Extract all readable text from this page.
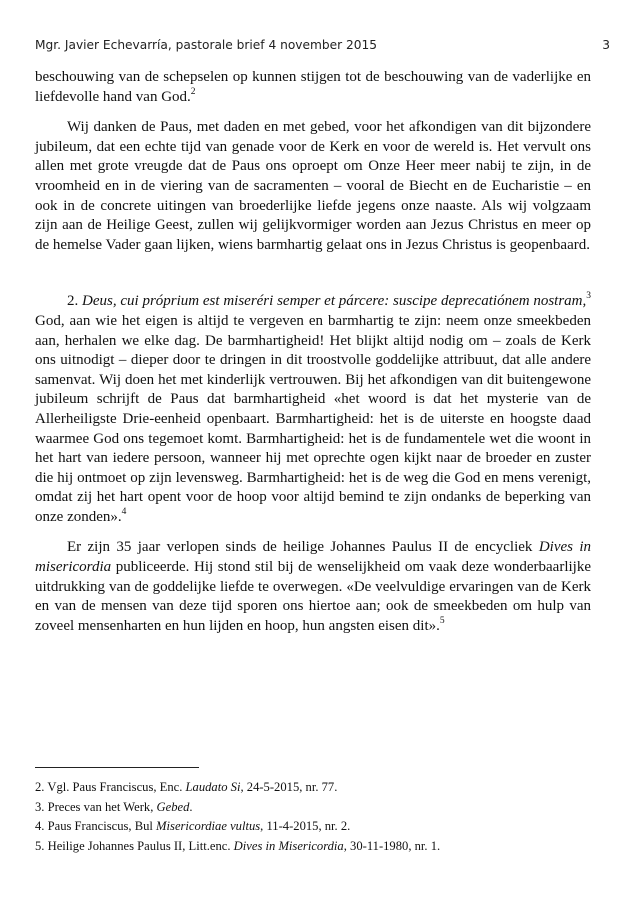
Mgr. Javier Echevarría, pastorale brief 4 november 2015	3

beschouwing van de schepselen op kunnen stijgen tot de beschouwing van de vaderlijke en liefdevolle hand van God.$^2$

Wij danken de Paus, met daden en met gebed, voor het afkondigen van dit bijzondere jubileum, dat een echte tijd van genade voor de Kerk en voor de wereld is. Het vervult ons allen met grote vreugde dat de Paus ons oproept om Onze Heer meer nabij te zijn, in de vroomheid en in de viering van de sacramenten – vooral de Biecht en de Eucharistie – en ook in de concrete uitingen van broederlijke liefde jegens onze naaste. Als wij volgzaam zijn aan de Heilige Geest, zullen wij gelijkvormiger worden aan Jezus Christus en meer op de hemelse Vader gaan lijken, wiens barmhartig gelaat ons in Jezus Christus is geopenbaard.

2. Deus, cui próprium est miseréri semper et párcere: suscipe deprecatiónem nostram,$^3$ God, aan wie het eigen is altijd te vergeven en barmhartig te zijn: neem onze smeekbeden aan, herhalen we elke dag. De barmhartigheid! Het blijkt altijd nodig om – zoals de Kerk ons uitnodigt – dieper door te dringen in dit troostvolle goddelijke attribuut, dat alle andere samenvat. Wij doen het met kinderlijk vertrouwen. Bij het afkondigen van dit buitengewone jubileum schrijft de Paus dat barmhartigheid «het woord is dat het mysterie van de Allerheiligste Drie-eenheid openbaart. Barmhartigheid: het is de uiterste en hoogste daad waarmee God ons tegemoet komt. Barmhartigheid: het is de fundamentele wet die woont in het hart van iedere persoon, wanneer hij met oprechte ogen kijkt naar de broeder en zuster die hij ontmoet op zijn levensweg. Barmhartigheid: het is de weg die God en mens verenigt, omdat zij het hart opent voor de hoop voor altijd bemind te zijn ondanks de beperking van onze zonden».$^4$

Er zijn 35 jaar verlopen sinds de heilige Johannes Paulus II de encycliek Dives in misericordia publiceerde. Hij stond stil bij de wenselijkheid om vaak deze wonderbaarlijke uitdrukking van de goddelijke liefde te overwegen. «De veelvuldige ervaringen van de Kerk en van de mensen van deze tijd sporen ons hiertoe aan; ook de smeekbeden om hulp van zoveel mensenharten en hun lijden en hoop, hun angsten eisen dit».$^5$

2. Vgl. Paus Franciscus, Enc. Laudato Si, 24-5-2015, nr. 77.
3. Preces van het Werk, Gebed.
4. Paus Franciscus, Bul Misericordiae vultus, 11-4-2015, nr. 2.
5. Heilige Johannes Paulus II, Litt.enc. Dives in Misericordia, 30-11-1980, nr. 1.
